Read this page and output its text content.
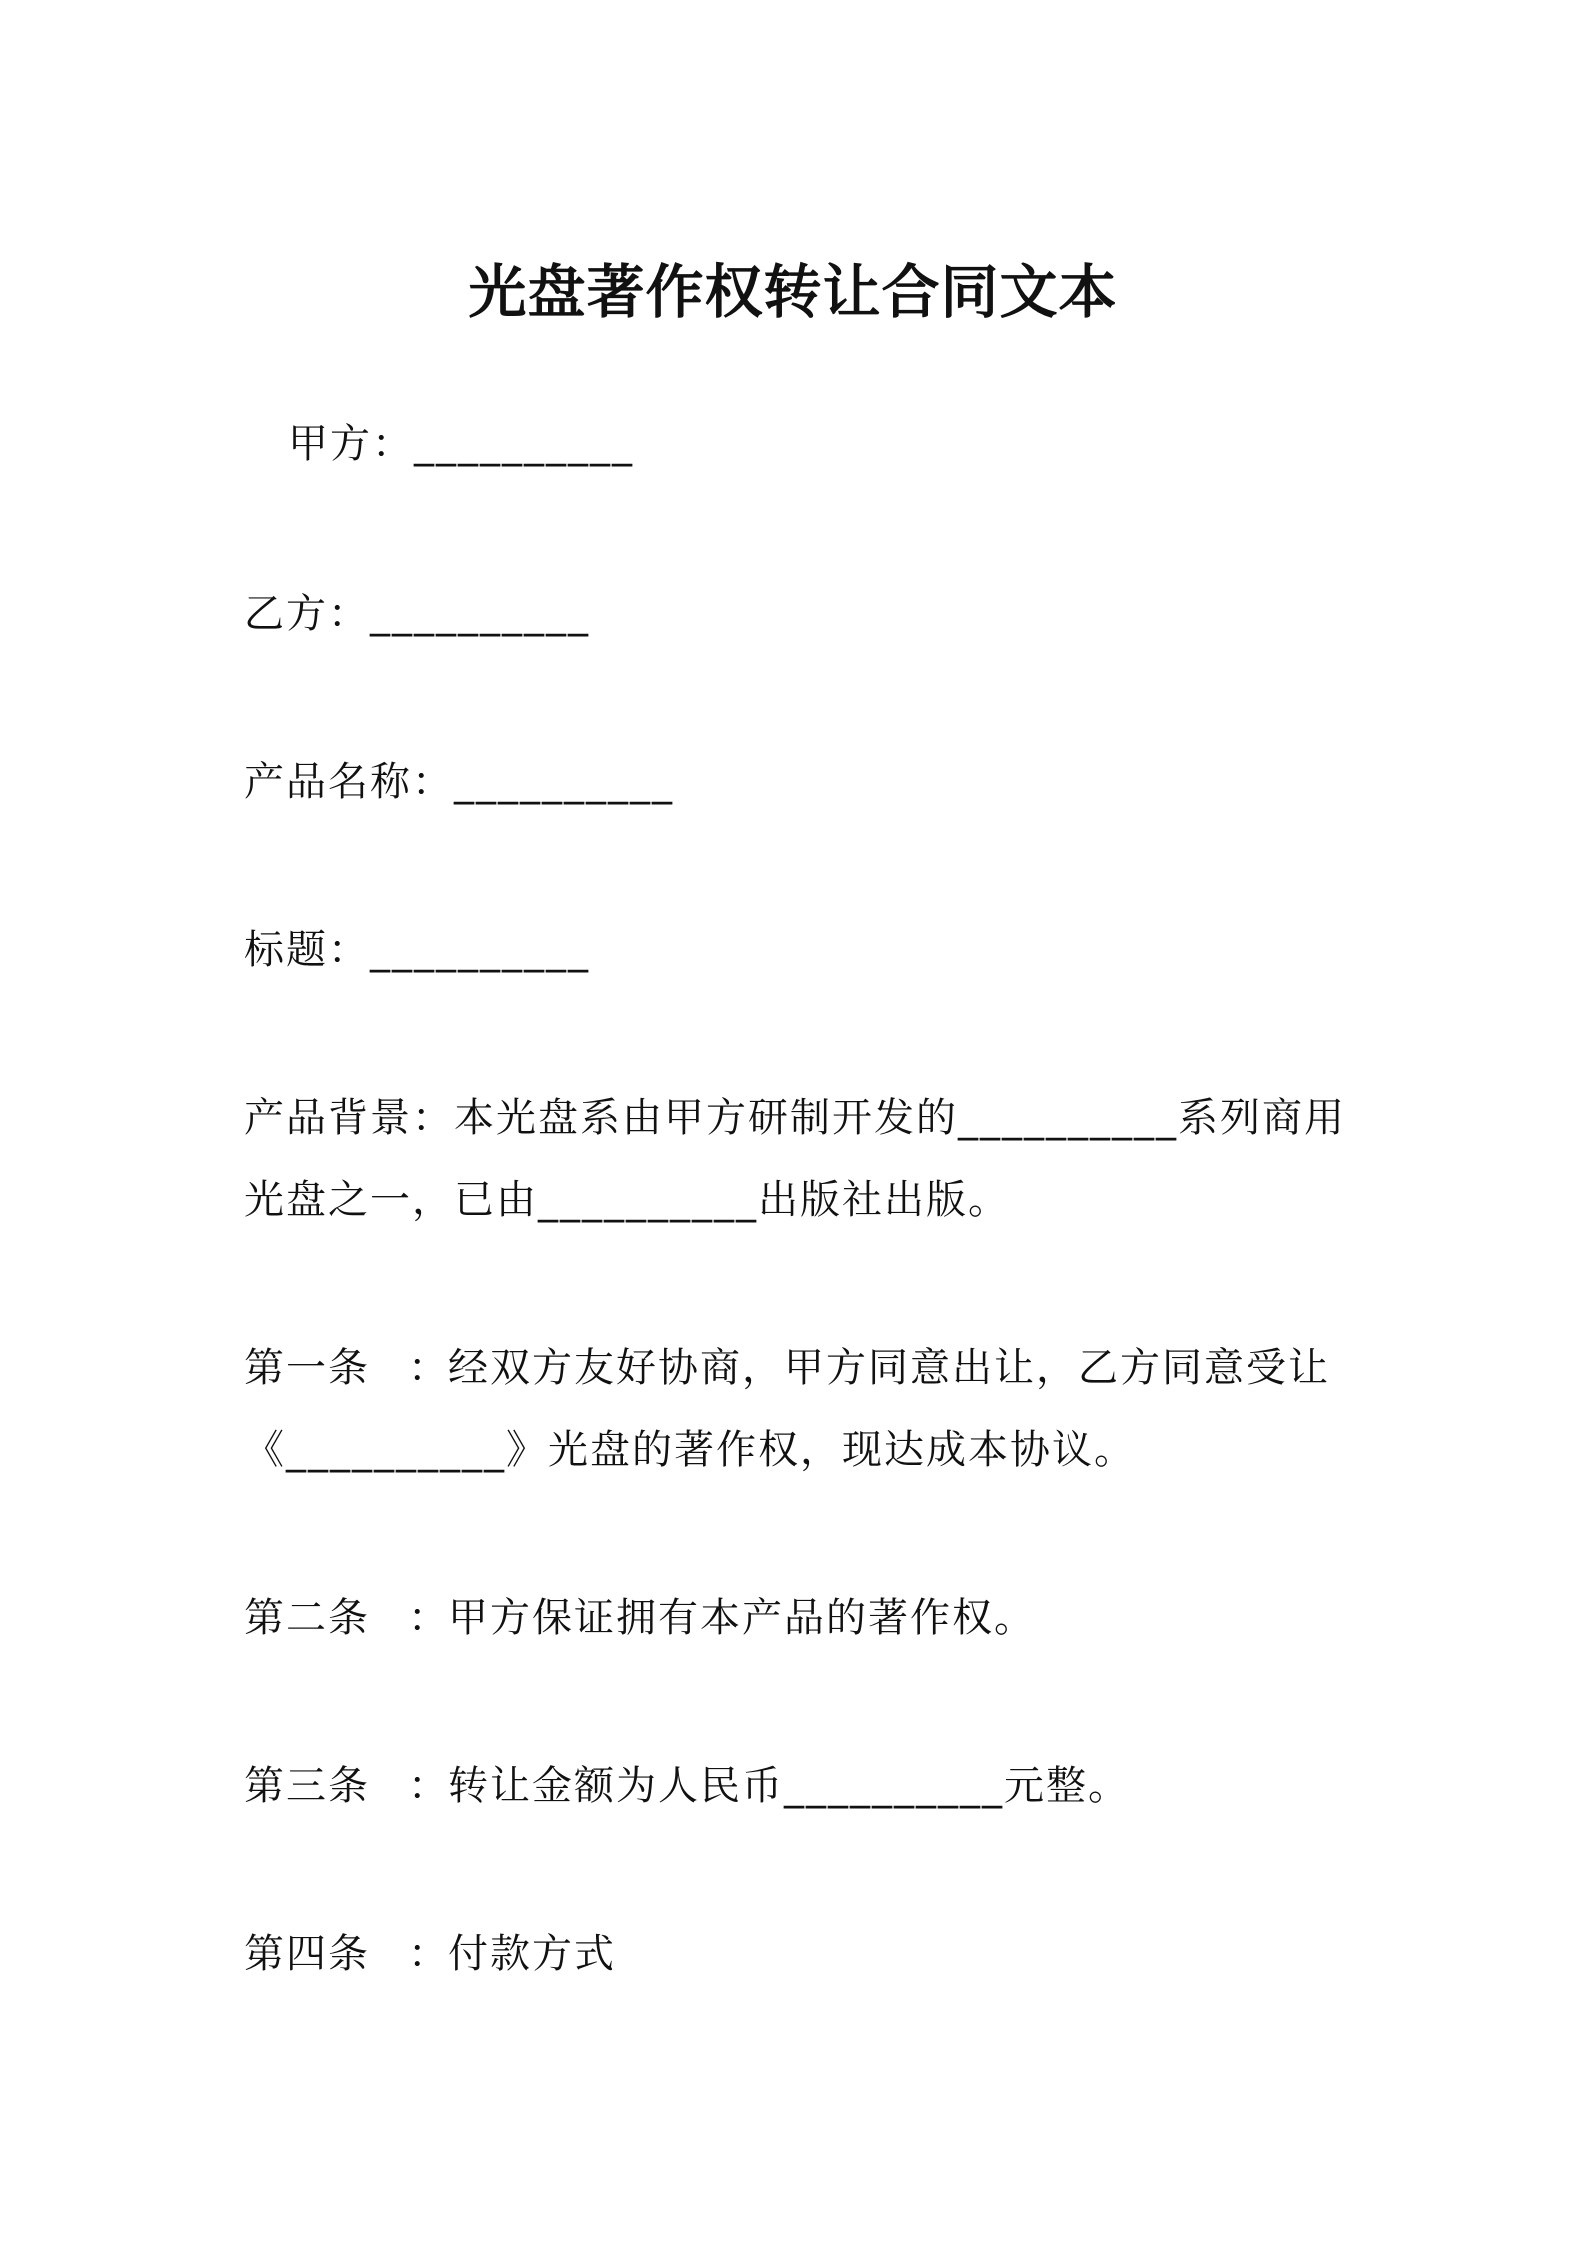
光盘著作权转让合同文本
甲方：__________
乙方：__________
产品名称：__________
标题：__________
产品背景：本光盘系由甲方研制开发的__________系列商用
光盘之一，已由__________出版社出版。
第一条 ：经双方友好协商，甲方同意出让，乙方同意受让
《__________》光盘的著作权，现达成本协议。
第二条 ：甲方保证拥有本产品的著作权。
第三条 ：转让金额为人民币__________元整。
第四条 ：付款方式
